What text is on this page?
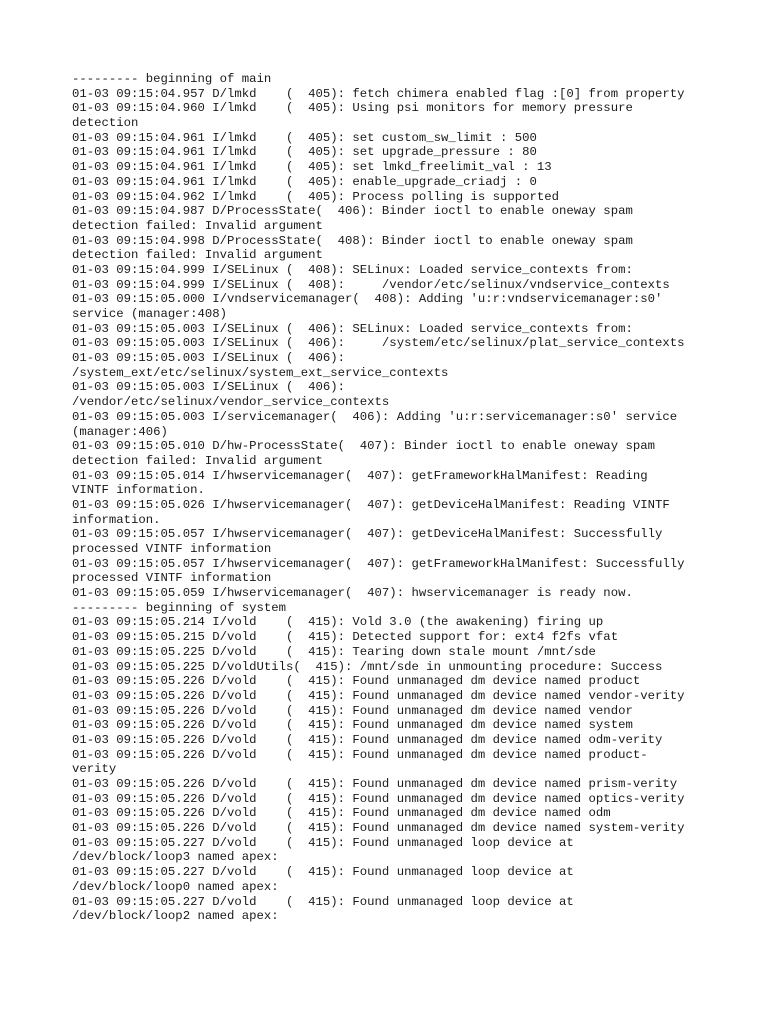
--------- beginning of main
01-03 09:15:04.957 D/lmkd    (  405): fetch chimera enabled flag :[0] from property
01-03 09:15:04.960 I/lmkd    (  405): Using psi monitors for memory pressure
detection
01-03 09:15:04.961 I/lmkd    (  405): set custom_sw_limit : 500
01-03 09:15:04.961 I/lmkd    (  405): set upgrade_pressure : 80
01-03 09:15:04.961 I/lmkd    (  405): set lmkd_freelimit_val : 13
01-03 09:15:04.961 I/lmkd    (  405): enable_upgrade_criadj : 0
01-03 09:15:04.962 I/lmkd    (  405): Process polling is supported
01-03 09:15:04.987 D/ProcessState(  406): Binder ioctl to enable oneway spam
detection failed: Invalid argument
01-03 09:15:04.998 D/ProcessState(  408): Binder ioctl to enable oneway spam
detection failed: Invalid argument
01-03 09:15:04.999 I/SELinux (  408): SELinux: Loaded service_contexts from:
01-03 09:15:04.999 I/SELinux (  408):     /vendor/etc/selinux/vndservice_contexts
01-03 09:15:05.000 I/vndservicemanager(  408): Adding 'u:r:vndservicemanager:s0'
service (manager:408)
01-03 09:15:05.003 I/SELinux (  406): SELinux: Loaded service_contexts from:
01-03 09:15:05.003 I/SELinux (  406):     /system/etc/selinux/plat_service_contexts
01-03 09:15:05.003 I/SELinux (  406):
/system_ext/etc/selinux/system_ext_service_contexts
01-03 09:15:05.003 I/SELinux (  406):
/vendor/etc/selinux/vendor_service_contexts
01-03 09:15:05.003 I/servicemanager(  406): Adding 'u:r:servicemanager:s0' service
(manager:406)
01-03 09:15:05.010 D/hw-ProcessState(  407): Binder ioctl to enable oneway spam
detection failed: Invalid argument
01-03 09:15:05.014 I/hwservicemanager(  407): getFrameworkHalManifest: Reading
VINTF information.
01-03 09:15:05.026 I/hwservicemanager(  407): getDeviceHalManifest: Reading VINTF
information.
01-03 09:15:05.057 I/hwservicemanager(  407): getDeviceHalManifest: Successfully
processed VINTF information
01-03 09:15:05.057 I/hwservicemanager(  407): getFrameworkHalManifest: Successfully
processed VINTF information
01-03 09:15:05.059 I/hwservicemanager(  407): hwservicemanager is ready now.
--------- beginning of system
01-03 09:15:05.214 I/vold    (  415): Vold 3.0 (the awakening) firing up
01-03 09:15:05.215 D/vold    (  415): Detected support for: ext4 f2fs vfat
01-03 09:15:05.225 D/vold    (  415): Tearing down stale mount /mnt/sde
01-03 09:15:05.225 D/voldUtils(  415): /mnt/sde in unmounting procedure: Success
01-03 09:15:05.226 D/vold    (  415): Found unmanaged dm device named product
01-03 09:15:05.226 D/vold    (  415): Found unmanaged dm device named vendor-verity
01-03 09:15:05.226 D/vold    (  415): Found unmanaged dm device named vendor
01-03 09:15:05.226 D/vold    (  415): Found unmanaged dm device named system
01-03 09:15:05.226 D/vold    (  415): Found unmanaged dm device named odm-verity
01-03 09:15:05.226 D/vold    (  415): Found unmanaged dm device named product-
verity
01-03 09:15:05.226 D/vold    (  415): Found unmanaged dm device named prism-verity
01-03 09:15:05.226 D/vold    (  415): Found unmanaged dm device named optics-verity
01-03 09:15:05.226 D/vold    (  415): Found unmanaged dm device named odm
01-03 09:15:05.226 D/vold    (  415): Found unmanaged dm device named system-verity
01-03 09:15:05.227 D/vold    (  415): Found unmanaged loop device at
/dev/block/loop3 named apex:
01-03 09:15:05.227 D/vold    (  415): Found unmanaged loop device at
/dev/block/loop0 named apex:
01-03 09:15:05.227 D/vold    (  415): Found unmanaged loop device at
/dev/block/loop2 named apex:
